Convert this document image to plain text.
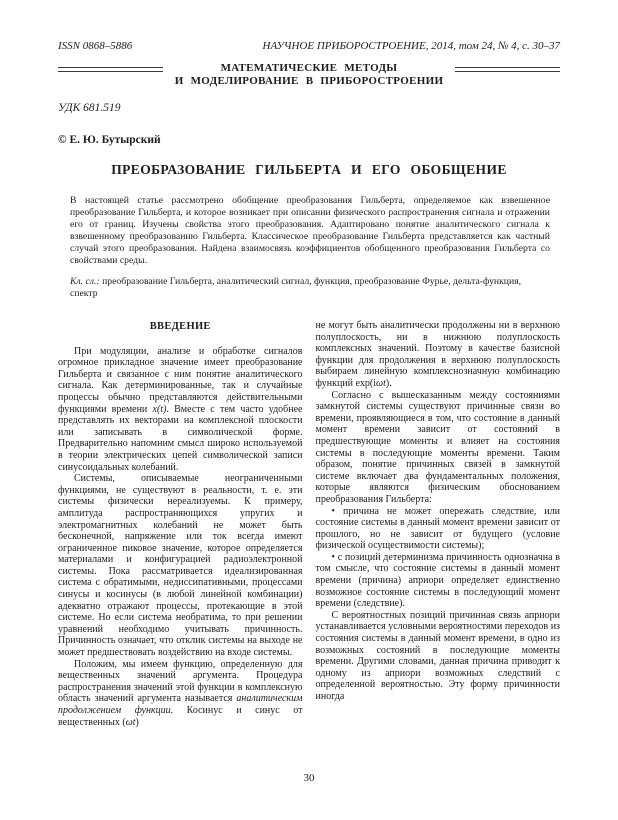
ISSN 0868–5886	НАУЧНОЕ ПРИБОРОСТРОЕНИЕ, 2014, том 24, № 4, с. 30–37
МАТЕМАТИЧЕСКИЕ МЕТОДЫ
И МОДЕЛИРОВАНИЕ В ПРИБОРОСТРОЕНИИ
УДК 681.519
© Е. Ю. Бутырский
ПРЕОБРАЗОВАНИЕ ГИЛЬБЕРТА И ЕГО ОБОБЩЕНИЕ
В настоящей статье рассмотрено обобщение преобразования Гильберта, определяемое как взвешенное преобразование Гильберта, и которое возникает при описании физического распространения сигнала и отражении его от границ. Изучены свойства этого преобразования. Адаптировано понятие аналитического сигнала к взвешенному преобразованию Гильберта. Классическое преобразование Гильберта представляется как частный случай этого преобразования. Найдена взаимосвязь коэффициентов обобщенного преобразования Гильберта со свойствами среды.
Кл. сл.: преобразование Гильберта, аналитический сигнал, функция, преобразование Фурье, дельта-функция, спектр
ВВЕДЕНИЕ

При модуляции, анализе и обработке сигналов огромное прикладное значение имеет преобразование Гильберта и связанное с ним понятие аналитического сигнала. Как детерминированные, так и случайные процессы обычно представляются действительными функциями времени x(t). Вместе с тем часто удобнее представлять их векторами на комплексной плоскости или записывать в символической форме. Предварительно напомним смысл широко используемой в теории электрических цепей символической записи синусоидальных колебаний.

Системы, описываемые неограниченными функциями, не существуют в реальности, т. е. эти системы физически нереализуемы. К примеру, амплитуда распространяющихся упругих и электромагнитных колебаний не может быть бесконечной, напряжение или ток всегда имеют ограниченное пиковое значение, которое определяется материалами и конфигурацией радиоэлектронной системы. Пока рассматривается идеализированная система с обратимыми, недиссипативными, процессами синусы и косинусы (в любой линейной комбинации) адекватно отражают процессы, протекающие в этой системе. Но если система необратима, то при решении уравнений необходимо учитывать причинность. Причинность означает, что отклик системы на выходе не может предшествовать воздействию на входе системы.

Положим, мы имеем функцию, определенную для вещественных значений аргумента. Процедура распространения значений этой функции в комплексную область значений аргумента называется аналитическим продолжением функции. Косинус и синус от вещественных (ωt)

не могут быть аналитически продолжены ни в верхнюю полуплоскость, ни в нижнюю полуплоскость комплексных значений. Поэтому в качестве базисной функции для продолжения в верхнюю полуплоскость выбираем линейную комплекснозначную комбинацию функций exp(iωt).

Согласно с вышесказанным между состояниями замкнутой системы существуют причинные связи во времени, проявляющиеся в том, что состояние в данный момент времени зависит от состояний в предшествующие моменты и влияет на состояния системы в последующие моменты времени. Таким образом, понятие причинных связей в замкнутой системе включает два фундаментальных положения, которые являются физическим обоснованием преобразования Гильберта:

• причина не может опережать следствие, или состояние системы в данный момент времени зависит от прошлого, но не зависит от будущего (условие физической осуществимости системы);

• с позиций детерминизма причинность однозначна в том смысле, что состояние системы в данный момент времени (причина) априори определяет единственно возможное состояние системы в последующий момент времени (следствие).

С вероятностных позиций причинная связь априори устанавливается условными вероятностями переходов из состояния системы в данный момент времени, в одно из возможных состояний в последующие моменты времени. Другими словами, данная причина приводит к одному из априори возможных следствий с определенной вероятностью. Эту форму причинности иногда

30
